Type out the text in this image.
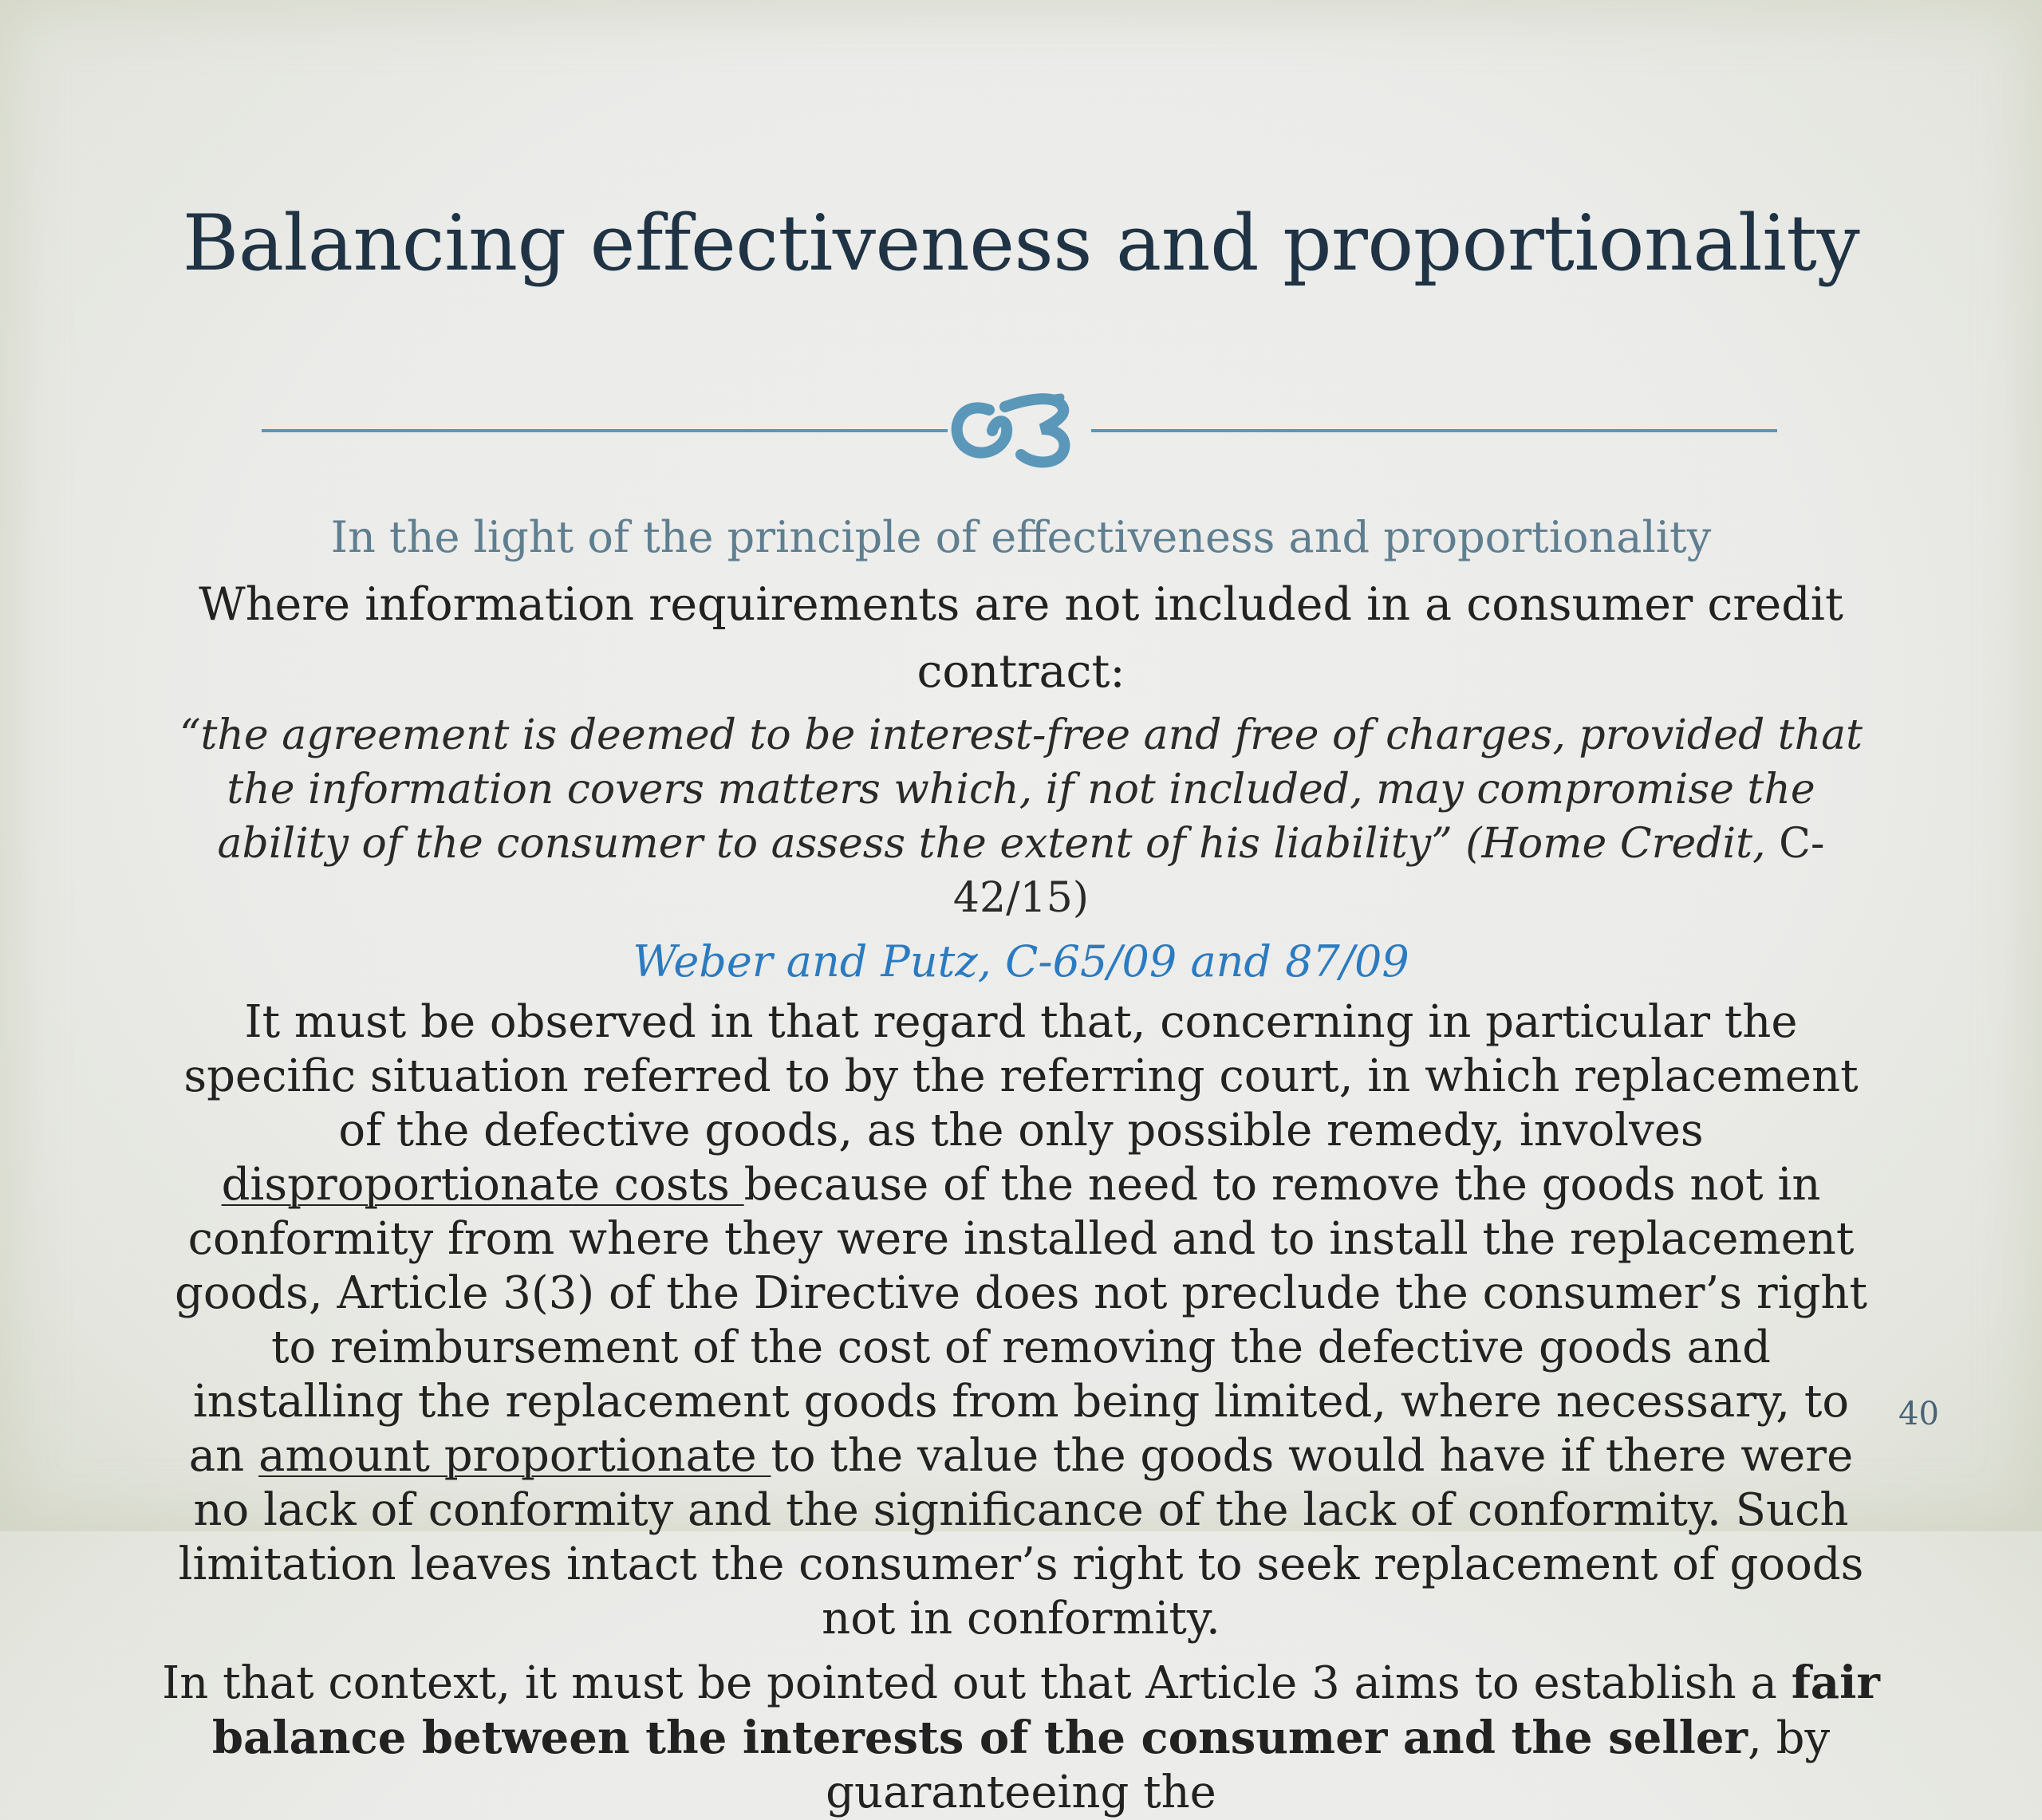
Balancing effectiveness and proportionality

In the light of the principle of effectiveness and proportionality

Where information requirements are not included in a consumer credit contract:

“the agreement is deemed to be interest-free and free of charges, provided that the information covers matters which, if not included, may compromise the ability of the consumer to assess the extent of his liability” (Home Credit, C- 42/15)

Weber and Putz, C-65/09 and 87/09

It must be observed in that regard that, concerning in particular the specific situation referred to by the referring court, in which replacement of the defective goods, as the only possible remedy, involves disproportionate costs because of the need to remove the goods not in conformity from where they were installed and to install the replacement goods, Article 3(3) of the Directive does not preclude the consumer’s right to reimbursement of the cost of removing the defective goods and installing the replacement goods from being limited, where necessary, to an amount proportionate to the value the goods would have if there were no lack of conformity and the significance of the lack of conformity. Such limitation leaves intact the consumer’s right to seek replacement of goods not in conformity.

In that context, it must be pointed out that Article 3 aims to establish a fair balance between the interests of the consumer and the seller, by guaranteeing the

40
